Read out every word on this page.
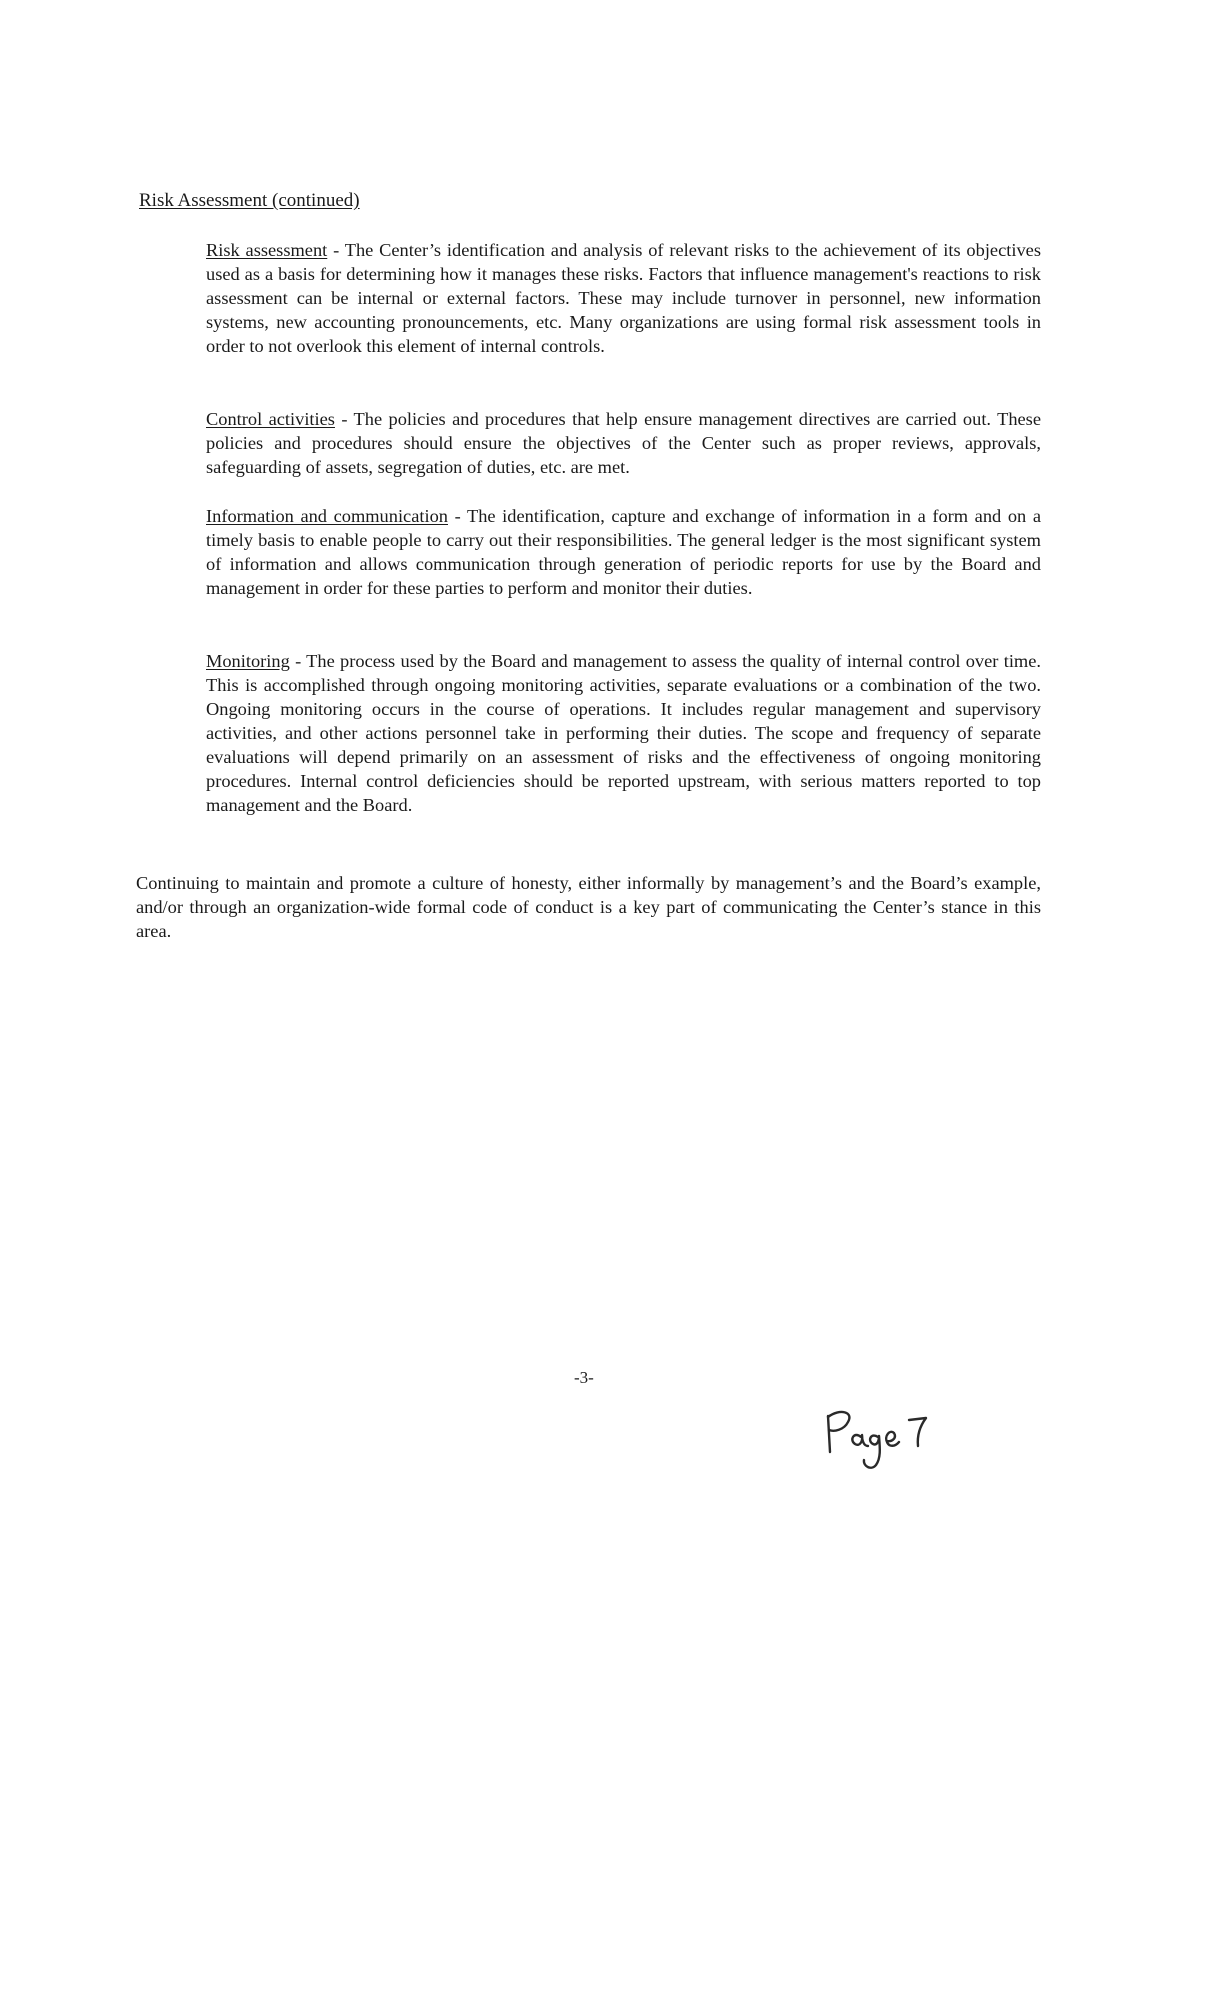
Risk Assessment (continued)

Risk assessment - The Center’s identification and analysis of relevant risks to the achievement of its objectives used as a basis for determining how it manages these risks. Factors that influence management's reactions to risk assessment can be internal or external factors. These may include turnover in personnel, new information systems, new accounting pronouncements, etc. Many organizations are using formal risk assessment tools in order to not overlook this element of internal controls.

Control activities - The policies and procedures that help ensure management directives are carried out. These policies and procedures should ensure the objectives of the Center such as proper reviews, approvals, safeguarding of assets, segregation of duties, etc. are met.

Information and communication - The identification, capture and exchange of information in a form and on a timely basis to enable people to carry out their responsibilities. The general ledger is the most significant system of information and allows communication through generation of periodic reports for use by the Board and management in order for these parties to perform and monitor their duties.

Monitoring - The process used by the Board and management to assess the quality of internal control over time. This is accomplished through ongoing monitoring activities, separate evaluations or a combination of the two. Ongoing monitoring occurs in the course of operations. It includes regular management and supervisory activities, and other actions personnel take in performing their duties. The scope and frequency of separate evaluations will depend primarily on an assessment of risks and the effectiveness of ongoing monitoring procedures. Internal control deficiencies should be reported upstream, with serious matters reported to top management and the Board.

Continuing to maintain and promote a culture of honesty, either informally by management’s and the Board’s example, and/or through an organization-wide formal code of conduct is a key part of communicating the Center’s stance in this area.

-3-
